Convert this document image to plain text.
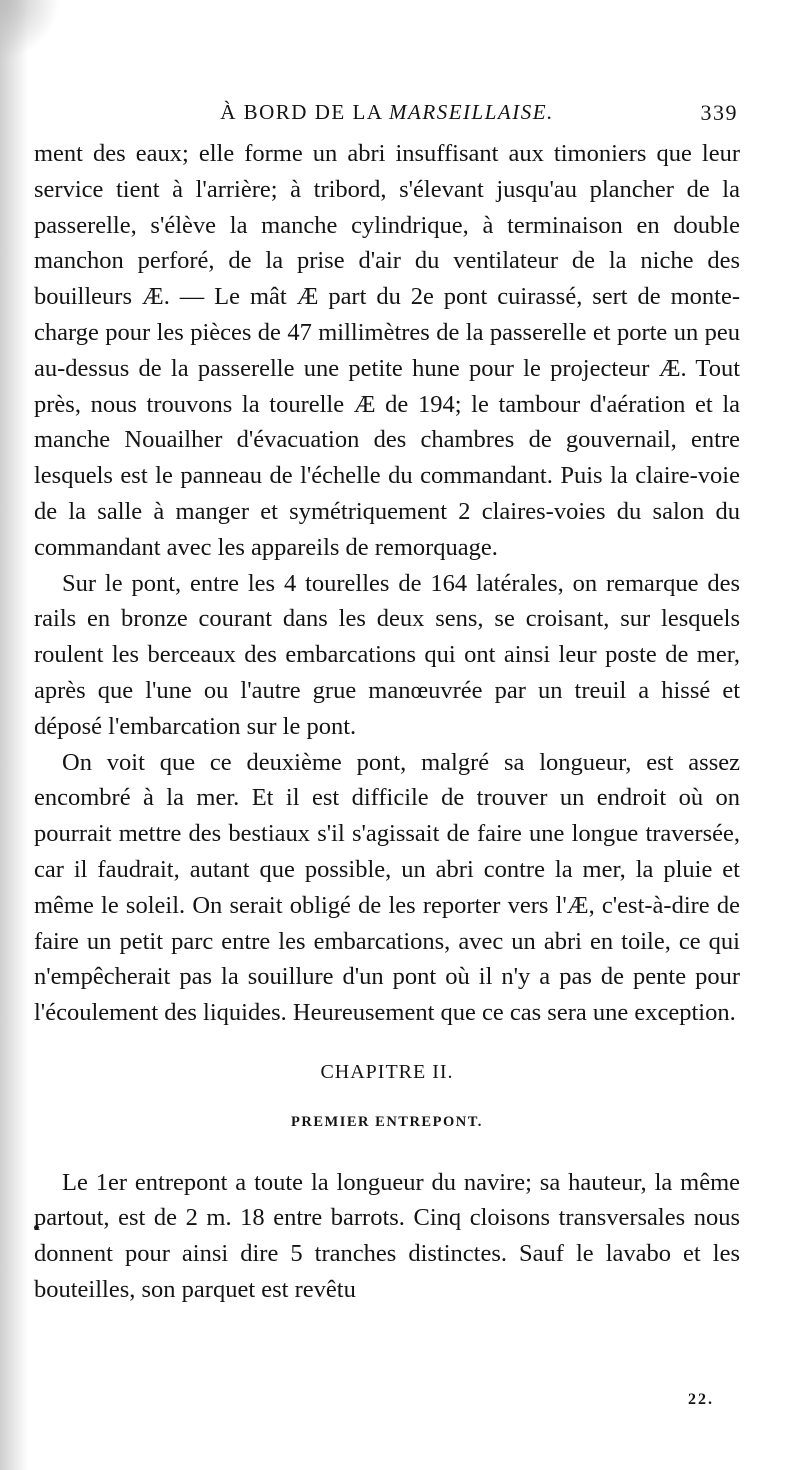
À BORD DE LA MARSEILLAISE.	339

ment des eaux; elle forme un abri insuffisant aux timoniers que leur service tient à l'arrière; à tribord, s'élevant jusqu'au plancher de la passerelle, s'élève la manche cylindrique, à terminaison en double manchon perforé, de la prise d'air du ventilateur de la niche des bouilleurs Æ. — Le mât Æ part du 2e pont cuirassé, sert de monte-charge pour les pièces de 47 millimètres de la passerelle et porte un peu au-dessus de la passerelle une petite hune pour le projecteur Æ. Tout près, nous trouvons la tourelle Æ de 194; le tambour d'aération et la manche Nouailher d'évacuation des chambres de gouvernail, entre lesquels est le panneau de l'échelle du commandant. Puis la claire-voie de la salle à manger et symétriquement 2 claires-voies du salon du commandant avec les appareils de remorquage.

Sur le pont, entre les 4 tourelles de 164 latérales, on remarque des rails en bronze courant dans les deux sens, se croisant, sur lesquels roulent les berceaux des embarcations qui ont ainsi leur poste de mer, après que l'une ou l'autre grue manœuvrée par un treuil a hissé et déposé l'embarcation sur le pont.

On voit que ce deuxième pont, malgré sa longueur, est assez encombré à la mer. Et il est difficile de trouver un endroit où on pourrait mettre des bestiaux s'il s'agissait de faire une longue traversée, car il faudrait, autant que possible, un abri contre la mer, la pluie et même le soleil. On serait obligé de les reporter vers l'Æ, c'est-à-dire de faire un petit parc entre les embarcations, avec un abri en toile, ce qui n'empêcherait pas la souillure d'un pont où il n'y a pas de pente pour l'écoulement des liquides. Heureusement que ce cas sera une exception.

CHAPITRE II.
PREMIER ENTREPONT.

Le 1er entrepont a toute la longueur du navire; sa hauteur, la même partout, est de 2 m. 18 entre barrots. Cinq cloisons transversales nous donnent pour ainsi dire 5 tranches distinctes. Sauf le lavabo et les bouteilles, son parquet est revêtu

22.
